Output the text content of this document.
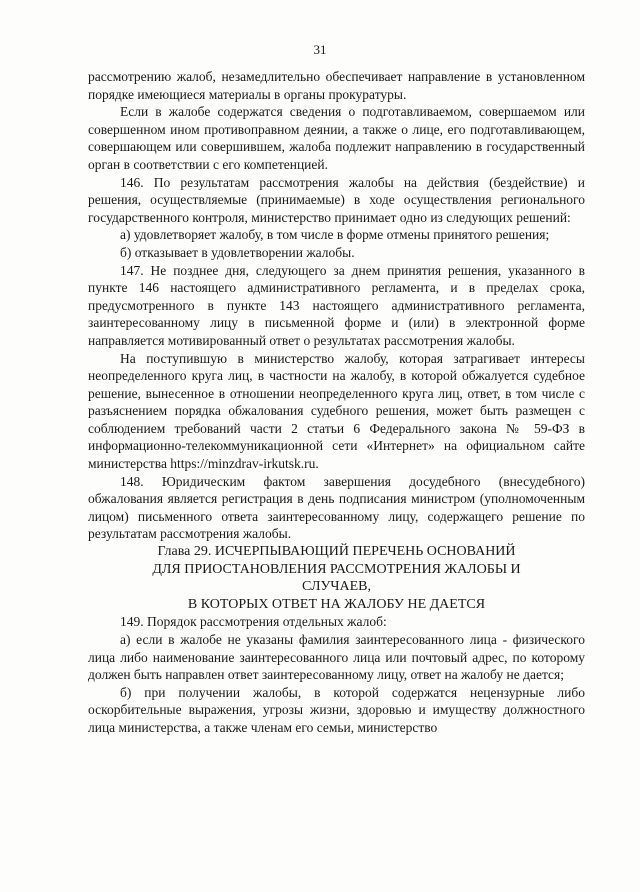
31

рассмотрению жалоб, незамедлительно обеспечивает направление в установленном порядке имеющиеся материалы в органы прокуратуры.

Если в жалобе содержатся сведения о подготавливаемом, совершаемом или совершенном ином противоправном деянии, а также о лице, его подготавливающем, совершающем или совершившем, жалоба подлежит направлению в государственный орган в соответствии с его компетенцией.

146. По результатам рассмотрения жалобы на действия (бездействие) и решения, осуществляемые (принимаемые) в ходе осуществления регионального государственного контроля, министерство принимает одно из следующих решений:

а) удовлетворяет жалобу, в том числе в форме отмены принятого решения;

б) отказывает в удовлетворении жалобы.

147. Не позднее дня, следующего за днем принятия решения, указанного в пункте 146 настоящего административного регламента, и в пределах срока, предусмотренного в пункте 143 настоящего административного регламента, заинтересованному лицу в письменной форме и (или) в электронной форме направляется мотивированный ответ о результатах рассмотрения жалобы.

На поступившую в министерство жалобу, которая затрагивает интересы неопределенного круга лиц, в частности на жалобу, в которой обжалуется судебное решение, вынесенное в отношении неопределенного круга лиц, ответ, в том числе с разъяснением порядка обжалования судебного решения, может быть размещен с соблюдением требований части 2 статьи 6 Федерального закона № 59-ФЗ в информационно-телекоммуникационной сети «Интернет» на официальном сайте министерства https://minzdrav-irkutsk.ru.

148. Юридическим фактом завершения досудебного (внесудебного) обжалования является регистрация в день подписания министром (уполномоченным лицом) письменного ответа заинтересованному лицу, содержащего решение по результатам рассмотрения жалобы.

Глава 29. ИСЧЕРПЫВАЮЩИЙ ПЕРЕЧЕНЬ ОСНОВАНИЙ
ДЛЯ ПРИОСТАНОВЛЕНИЯ РАССМОТРЕНИЯ ЖАЛОБЫ И
СЛУЧАЕВ,
В КОТОРЫХ ОТВЕТ НА ЖАЛОБУ НЕ ДАЕТСЯ

149. Порядок рассмотрения отдельных жалоб:

а) если в жалобе не указаны фамилия заинтересованного лица - физического лица либо наименование заинтересованного лица или почтовый адрес, по которому должен быть направлен ответ заинтересованному лицу, ответ на жалобу не дается;

б) при получении жалобы, в которой содержатся нецензурные либо оскорбительные выражения, угрозы жизни, здоровью и имуществу должностного лица министерства, а также членам его семьи, министерство
